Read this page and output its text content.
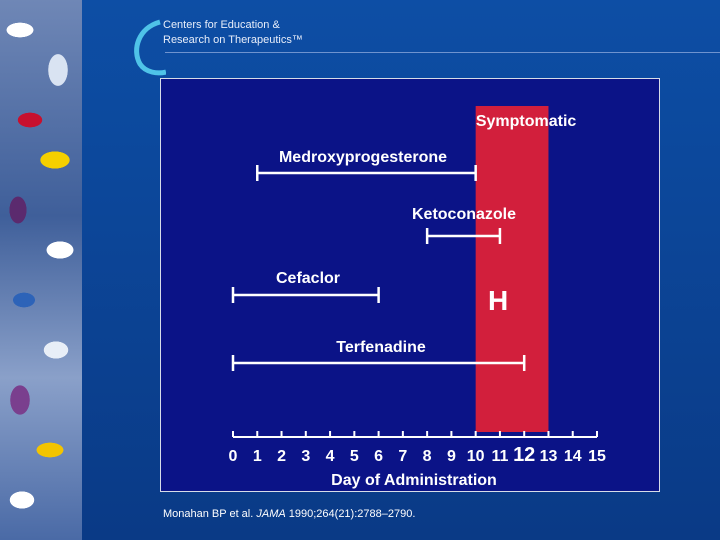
Centers for Education &
Research on Therapeutics™
Symptomatic
H
Medroxyprogesterone
Ketoconazole
Cefaclor
Terfenadine
0 1 2 3 4 5 6 7 8 9 10 11 12 13 14 15
Day of Administration
Monahan BP et al. JAMA 1990;264(21):2788–2790.
